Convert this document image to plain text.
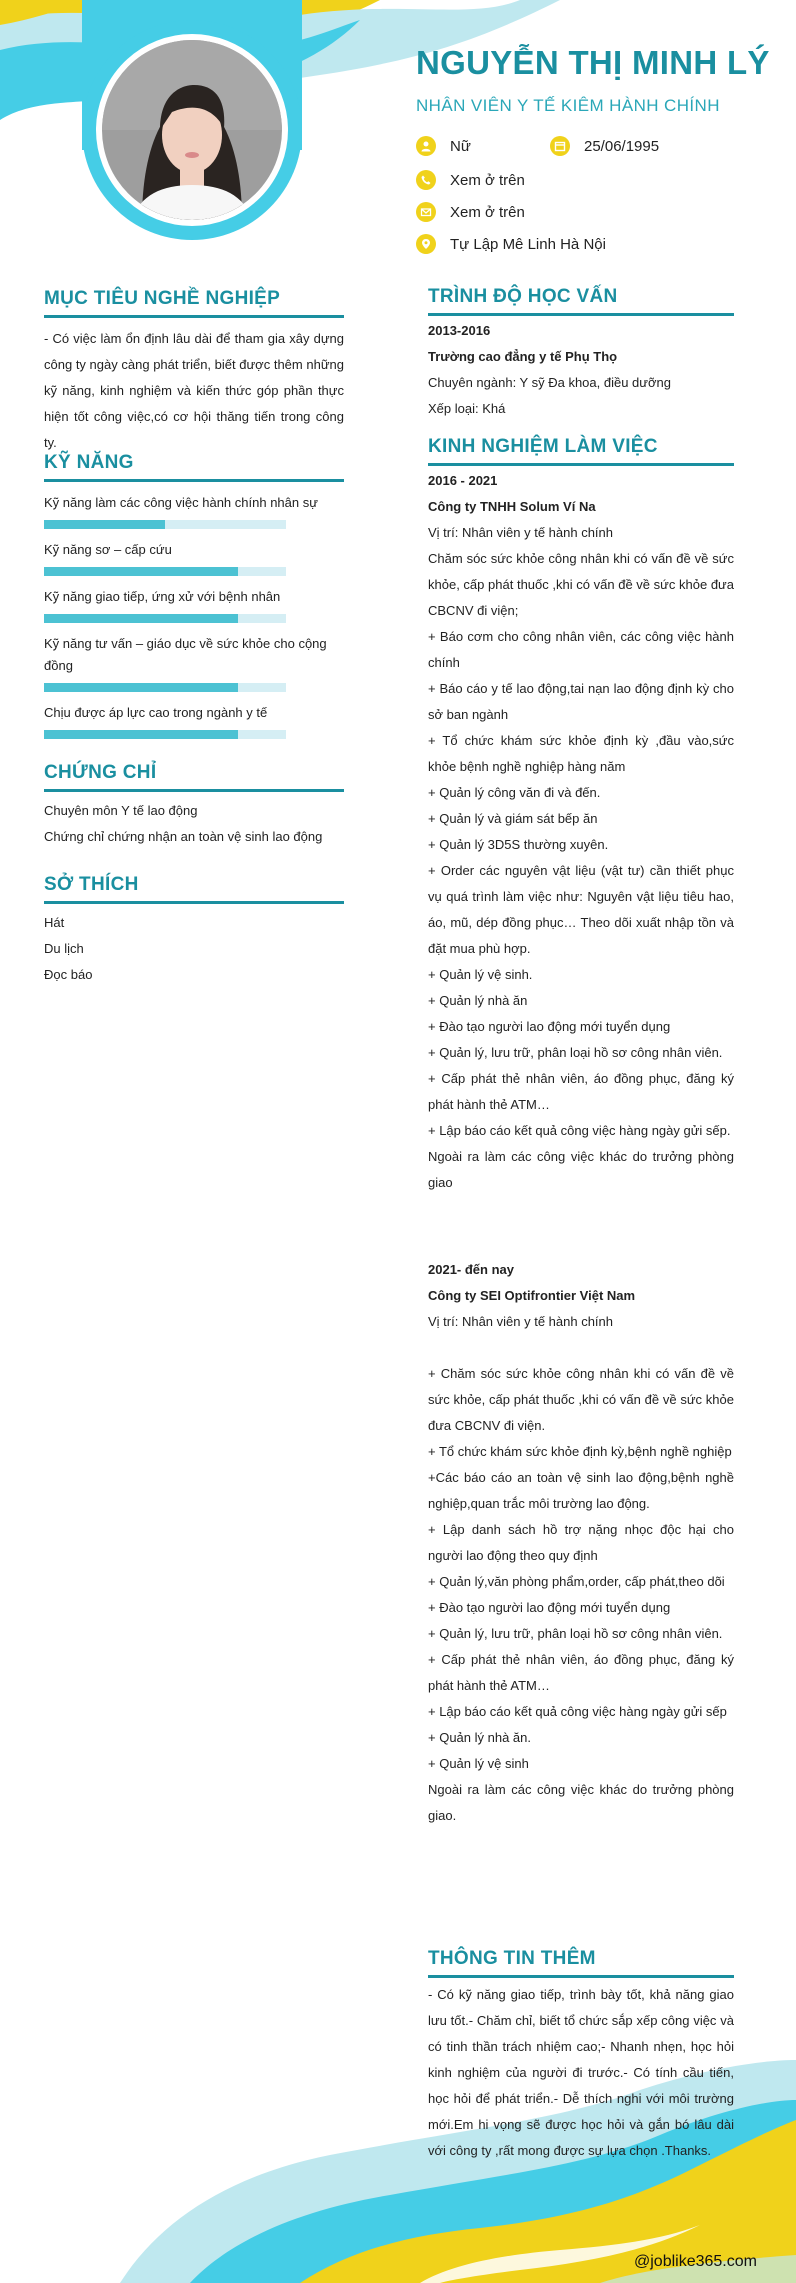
NGUYỄN THỊ MINH LÝ
NHÂN VIÊN Y TẾ KIÊM HÀNH CHÍNH
Nữ	25/06/1995
Xem ở trên
Xem ở trên
Tự Lập Mê Linh Hà Nội
MỤC TIÊU NGHỀ NGHIỆP

- Có việc làm ổn định lâu dài để tham gia xây dựng công ty ngày càng phát triển, biết được thêm những kỹ năng, kinh nghiệm và kiến thức góp phần thực hiện tốt công việc,có cơ hội thăng tiến trong công ty.

KỸ NĂNG
Kỹ năng làm các công việc hành chính nhân sự
Kỹ năng sơ – cấp cứu
Kỹ năng giao tiếp, ứng xử với bệnh nhân
Kỹ năng tư vấn – giáo dục về sức khỏe cho cộng đồng
Chịu được áp lực cao trong ngành y tế
CHỨNG CHỈ

Chuyên môn Y tế lao động

Chứng chỉ chứng nhận an toàn vệ sinh lao động

SỞ THÍCH

Hát

Du lịch

Đọc báo

TRÌNH ĐỘ HỌC VẤN

2013-2016

Trường cao đẳng y tế Phụ Thọ

Chuyên ngành: Y sỹ Đa khoa, điều dưỡng

Xếp loại: Khá

KINH NGHIỆM LÀM VIỆC

2016 - 2021

Công ty TNHH Solum Ví Na

Vị trí: Nhân viên y tế hành chính

Chăm sóc sức khỏe công nhân khi có vấn đề về sức khỏe, cấp phát thuốc ,khi có vấn đề về sức khỏe đưa CBCNV đi viện;

+ Báo cơm cho công nhân viên, các công việc hành chính

+ Báo cáo y tế lao động,tai nạn lao động định kỳ cho sở ban ngành

+ Tổ chức khám sức khỏe định kỳ ,đầu vào,sức khỏe bệnh nghề nghiệp hàng năm

+ Quản lý công văn đi và đến.

+ Quản lý và giám sát bếp ăn

+ Quản lý 3D5S thường xuyên.

+ Order các nguyên vật liệu (vật tư) cần thiết phục vụ quá trình làm việc như: Nguyên vật liệu tiêu hao, áo, mũ, dép đồng phục… Theo dõi xuất nhập tồn và đặt mua phù hợp.

+ Quản lý vệ sinh.

+ Quản lý nhà ăn

+ Đào tạo người lao động mới tuyển dụng

+ Quản lý, lưu trữ, phân loại hồ sơ công nhân viên.

+ Cấp phát thẻ nhân viên, áo đồng phục, đăng ký phát hành thẻ ATM…

+ Lập báo cáo kết quả công việc hàng ngày gửi sếp.

Ngoài ra làm các công việc khác do trưởng phòng giao

2021- đến nay

Công ty SEI Optifrontier Việt Nam

Vị trí: Nhân viên y tế hành chính

+ Chăm sóc sức khỏe công nhân khi có vấn đề về sức khỏe, cấp phát thuốc ,khi có vấn đề về sức khỏe đưa CBCNV đi viện.

+ Tổ chức khám sức khỏe định kỳ,bệnh nghề nghiệp

+Các báo cáo an toàn vệ sinh lao động,bệnh nghề nghiệp,quan trắc môi trường lao động.

+ Lập danh sách hồ trợ nặng nhọc độc hại cho người lao động theo quy định

+ Quản lý,văn phòng phẩm,order, cấp phát,theo dõi

+ Đào tạo người lao động mới tuyển dụng

+ Quản lý, lưu trữ, phân loại hồ sơ công nhân viên.

+ Cấp phát thẻ nhân viên, áo đồng phục, đăng ký phát hành thẻ ATM…

+ Lập báo cáo kết quả công việc hàng ngày gửi sếp

+ Quản lý nhà ăn.

+ Quản lý vệ sinh

Ngoài ra làm các công việc khác do trưởng phòng giao.

THÔNG TIN THÊM

- Có kỹ năng giao tiếp, trình bày tốt, khả năng giao lưu tốt.- Chăm chỉ, biết tổ chức sắp xếp công việc và có tinh thần trách nhiệm cao;- Nhanh nhẹn, học hỏi kinh nghiệm của người đi trước.- Có tính cầu tiến, học hỏi để phát triển.- Dễ thích nghi với môi trường mới.Em hi vọng sẽ được học hỏi và gắn bó lâu dài với công ty ,rất mong được sự lựa chọn .Thanks.

@joblike365.com
